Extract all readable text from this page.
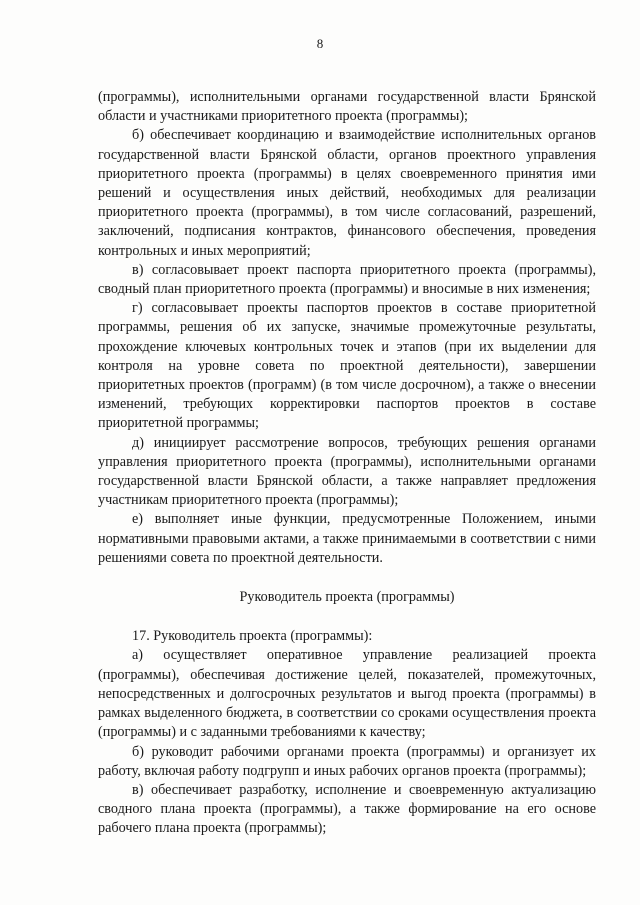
8

(программы), исполнительными органами государственной власти Брянской области и участниками приоритетного проекта (программы);

б) обеспечивает координацию и взаимодействие исполнительных органов государственной власти Брянской области, органов проектного управления приоритетного проекта (программы) в целях своевременного принятия ими решений и осуществления иных действий, необходимых для реализации приоритетного проекта (программы), в том числе согласований, разрешений, заключений, подписания контрактов, финансового обеспечения, проведения контрольных и иных мероприятий;

в) согласовывает проект паспорта приоритетного проекта (программы), сводный план приоритетного проекта (программы) и вносимые в них изменения;

г) согласовывает проекты паспортов проектов в составе приоритетной программы, решения об их запуске, значимые промежуточные результаты, прохождение ключевых контрольных точек и этапов (при их выделении для контроля на уровне совета по проектной деятельности), завершении приоритетных проектов (программ) (в том числе досрочном), а также о внесении изменений, требующих корректировки паспортов проектов в составе приоритетной программы;

д) инициирует рассмотрение вопросов, требующих решения органами управления приоритетного проекта (программы), исполнительными органами государственной власти Брянской области, а также направляет предложения участникам приоритетного проекта (программы);

е) выполняет иные функции, предусмотренные Положением, иными нормативными правовыми актами, а также принимаемыми в соответствии с ними решениями совета по проектной деятельности.

Руководитель проекта (программы)

17. Руководитель проекта (программы):

а) осуществляет оперативное управление реализацией проекта (программы), обеспечивая достижение целей, показателей, промежуточных, непосредственных и долгосрочных результатов и выгод проекта (программы) в рамках выделенного бюджета, в соответствии со сроками осуществления проекта (программы) и с заданными требованиями к качеству;

б) руководит рабочими органами проекта (программы) и организует их работу, включая работу подгрупп и иных рабочих органов проекта (программы);

в) обеспечивает разработку, исполнение и своевременную актуализацию сводного плана проекта (программы), а также формирование на его основе рабочего плана проекта (программы);
